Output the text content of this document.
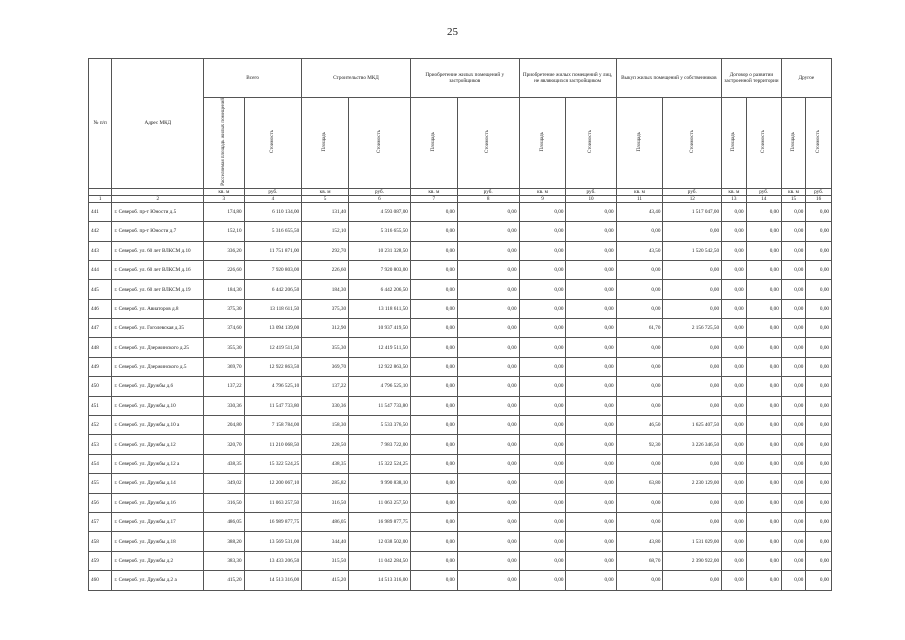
25
№ п/п	Адрес МКД	Всего		Строительство МКД		Приобретение жилых помещений у застройщиков		Приобретение жилых помещений у лиц, не являющихся застройщиком		Выкуп жилых помещений у собственников		Договор о развитии застроенной территории		Другое	
		Расселяемая площадь жилых помещений	Стоимость	Площадь	Стоимость	Площадь	Стоимость	Площадь	Стоимость	Площадь	Стоимость	Площадь	Стоимость	Площадь	Стоимость
		кв. м	руб.	кв. м	руб.	кв. м	руб.	кв. м	руб.	кв. м	руб.	кв. м	руб.	кв. м	руб.
1	2	3	4	5	6	7	8	9	10	11	12	13	14	15	16
441	г. Североб. пр-т Юности д.5	174,80	6 110 134,00	131,40	4 593 087,00	0,00	0,00	0,00	0,00	43,40	1 517 047,00	0,00	0,00	0,00	0,00
442	г. Североб. пр-т Юности д.7	152,10	5 316 655,50	152,10	5 316 655,50	0,00	0,00	0,00	0,00	0,00	0,00	0,00	0,00	0,00	0,00
443	г. Североб. ул. 60 лет ВЛКСМ д.10	336,20	11 751 871,00	292,70	10 231 328,50	0,00	0,00	0,00	0,00	43,50	1 520 542,50	0,00	0,00	0,00	0,00
444	г. Североб. ул. 60 лет ВЛКСМ д.16	226,60	7 920 803,00	226,60	7 920 803,00	0,00	0,00	0,00	0,00	0,00	0,00	0,00	0,00	0,00	0,00
445	г. Североб. ул. 60 лет ВЛКСМ д.19	184,30	6 442 206,50	184,30	6 442 206,50	0,00	0,00	0,00	0,00	0,00	0,00	0,00	0,00	0,00	0,00
446	г. Североб. ул. Авиаторов д.8	375,30	13 118 611,50	375,30	13 118 611,50	0,00	0,00	0,00	0,00	0,00	0,00	0,00	0,00	0,00	0,00
447	г. Североб. ул. Гоголевская д.35	374,60	13 094 139,00	312,90	10 937 419,50	0,00	0,00	0,00	0,00	61,70	2 156 725,50	0,00	0,00	0,00	0,00
448	г. Североб. ул. Дзержинского д.25	355,30	12 419 511,50	355,30	12 419 511,50	0,00	0,00	0,00	0,00	0,00	0,00	0,00	0,00	0,00	0,00
449	г. Североб. ул. Дзержинского д.5	369,70	12 922 863,50	369,70	12 922 863,50	0,00	0,00	0,00	0,00	0,00	0,00	0,00	0,00	0,00	0,00
450	г. Североб. ул. Дружбы д.6	137,22	4 796 525,10	137,22	4 796 525,10	0,00	0,00	0,00	0,00	0,00	0,00	0,00	0,00	0,00	0,00
451	г. Североб. ул. Дружбы д.10	330,36	11 547 733,80	330,36	11 547 733,80	0,00	0,00	0,00	0,00	0,00	0,00	0,00	0,00	0,00	0,00
452	г. Североб. ул. Дружбы д.10 а	204,80	7 158 784,00	158,30	5 533 376,50	0,00	0,00	0,00	0,00	46,50	1 625 407,50	0,00	0,00	0,00	0,00
453	г. Североб. ул. Дружбы д.12	320,70	11 210 068,50	228,50	7 983 722,00	0,00	0,00	0,00	0,00	92,30	3 226 346,50	0,00	0,00	0,00	0,00
454	г. Североб. ул. Дружбы д.12 а	438,35	15 322 524,25	438,35	15 322 524,25	0,00	0,00	0,00	0,00	0,00	0,00	0,00	0,00	0,00	0,00
455	г. Североб. ул. Дружбы д.14	349,02	12 200 067,10	285,82	9 990 838,10	0,00	0,00	0,00	0,00	63,80	2 230 129,00	0,00	0,00	0,00	0,00
456	г. Североб. ул. Дружбы д.16	316,50	11 063 257,50	316,50	11 063 257,50	0,00	0,00	0,00	0,00	0,00	0,00	0,00	0,00	0,00	0,00
457	г. Североб. ул. Дружбы д.17	486,05	16 989 877,75	486,05	16 989 877,75	0,00	0,00	0,00	0,00	0,00	0,00	0,00	0,00	0,00	0,00
458	г. Североб. ул. Дружбы д.18	388,20	13 569 531,00	344,40	12 038 502,00	0,00	0,00	0,00	0,00	43,80	1 531 029,00	0,00	0,00	0,00	0,00
459	г. Североб. ул. Дружбы д.2	383,30	13 433 206,50	315,50	11 042 284,50	0,00	0,00	0,00	0,00	68,70	2 390 922,00	0,00	0,00	0,00	0,00
460	г. Североб. ул. Дружбы д.2 а	415,20	14 513 316,00	415,20	14 513 316,00	0,00	0,00	0,00	0,00	0,00	0,00	0,00	0,00	0,00	0,00
